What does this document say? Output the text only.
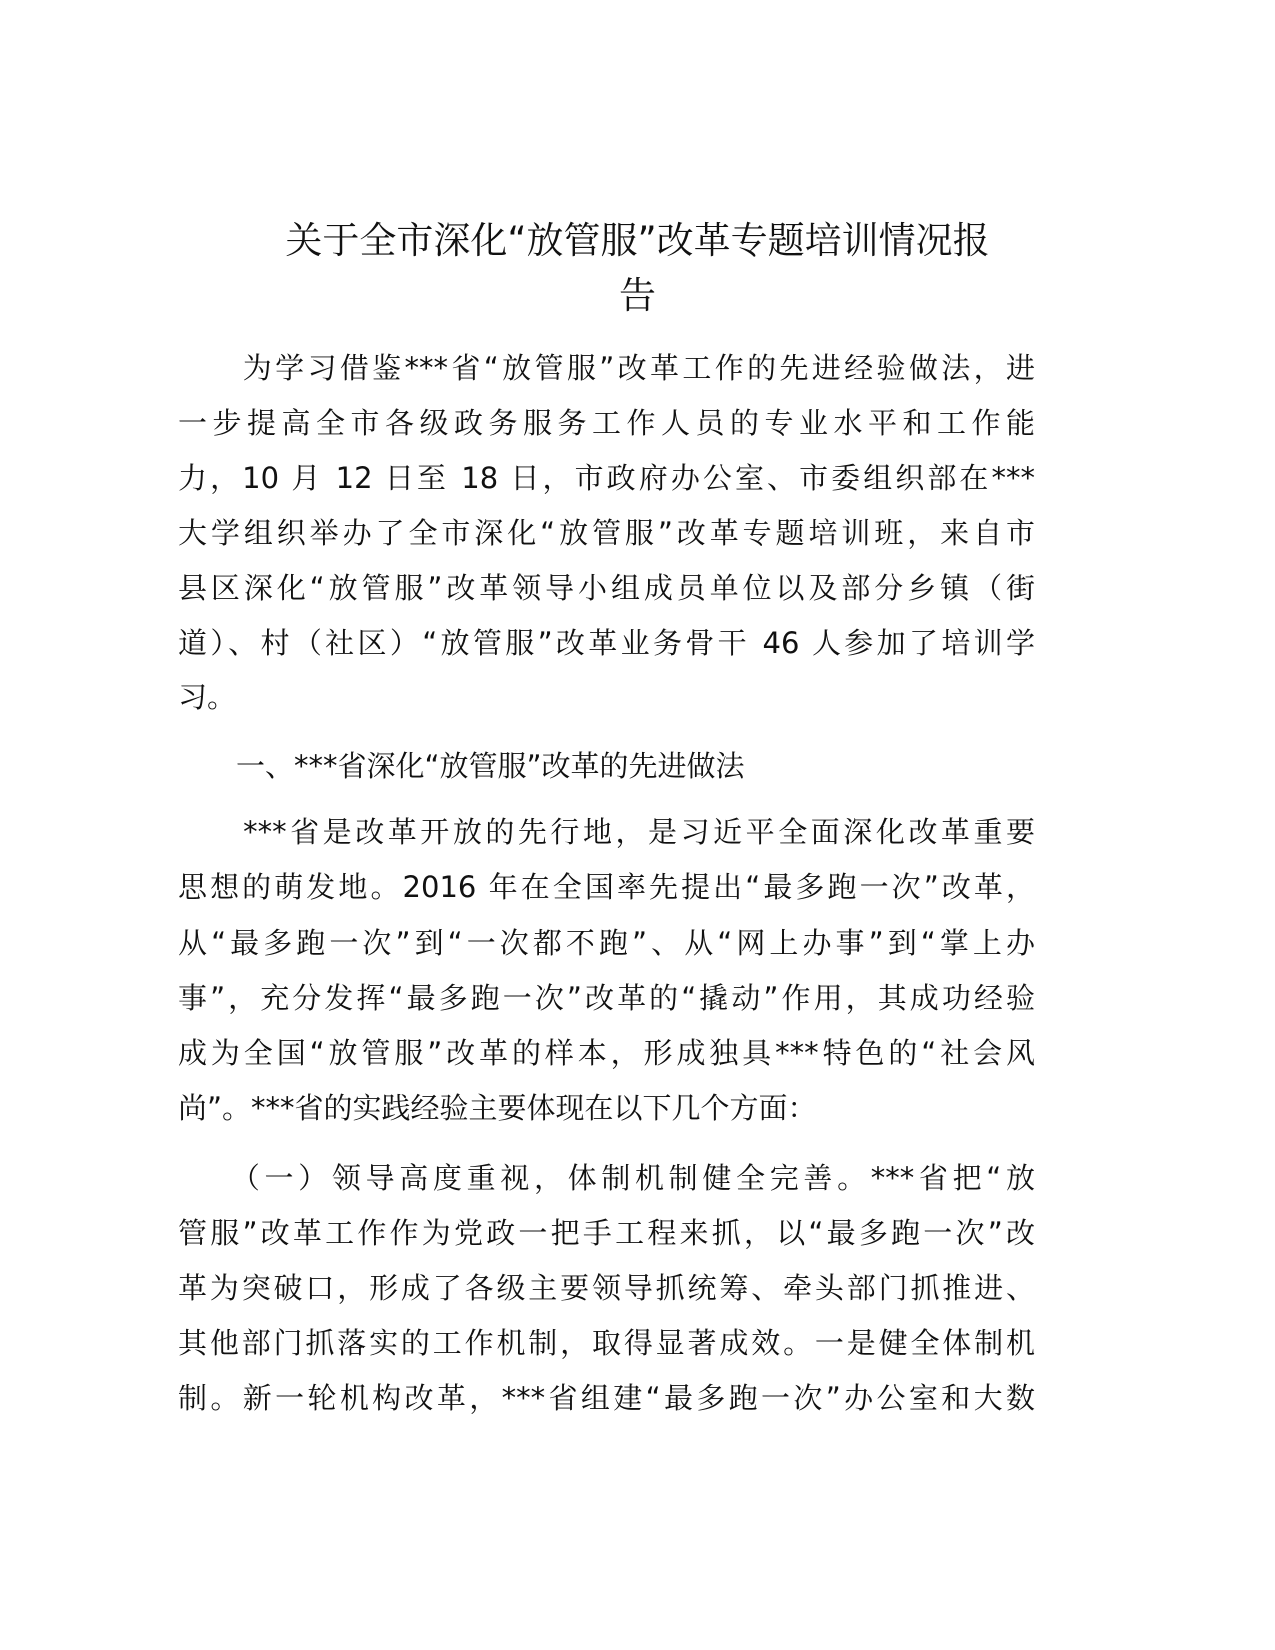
关于全市深化“放管服”改革专题培训情况报
告
　　为学习借鉴***省“放管服”改革工作的先进经验做法，进
一步提高全市各级政务服务工作人员的专业水平和工作能
力，10 月 12 日至 18 日，市政府办公室、市委组织部在***
大学组织举办了全市深化“放管服”改革专题培训班，来自市
县区深化“放管服”改革领导小组成员单位以及部分乡镇（街
道）、村（社区）“放管服”改革业务骨干 46 人参加了培训学
习。
　　一、***省深化“放管服”改革的先进做法
　　***省是改革开放的先行地，是习近平全面深化改革重要
思想的萌发地。2016 年在全国率先提出“最多跑一次”改革，
从“最多跑一次”到“一次都不跑”、从“网上办事”到“掌上办
事”，充分发挥“最多跑一次”改革的“撬动”作用，其成功经验
成为全国“放管服”改革的样本，形成独具***特色的“社会风
尚”。***省的实践经验主要体现在以下几个方面：
　　（一）领导高度重视，体制机制健全完善。***省把“放
管服”改革工作作为党政一把手工程来抓，以“最多跑一次”改
革为突破口，形成了各级主要领导抓统筹、牵头部门抓推进、
其他部门抓落实的工作机制，取得显著成效。一是健全体制机
制。新一轮机构改革，***省组建“最多跑一次”办公室和大数
